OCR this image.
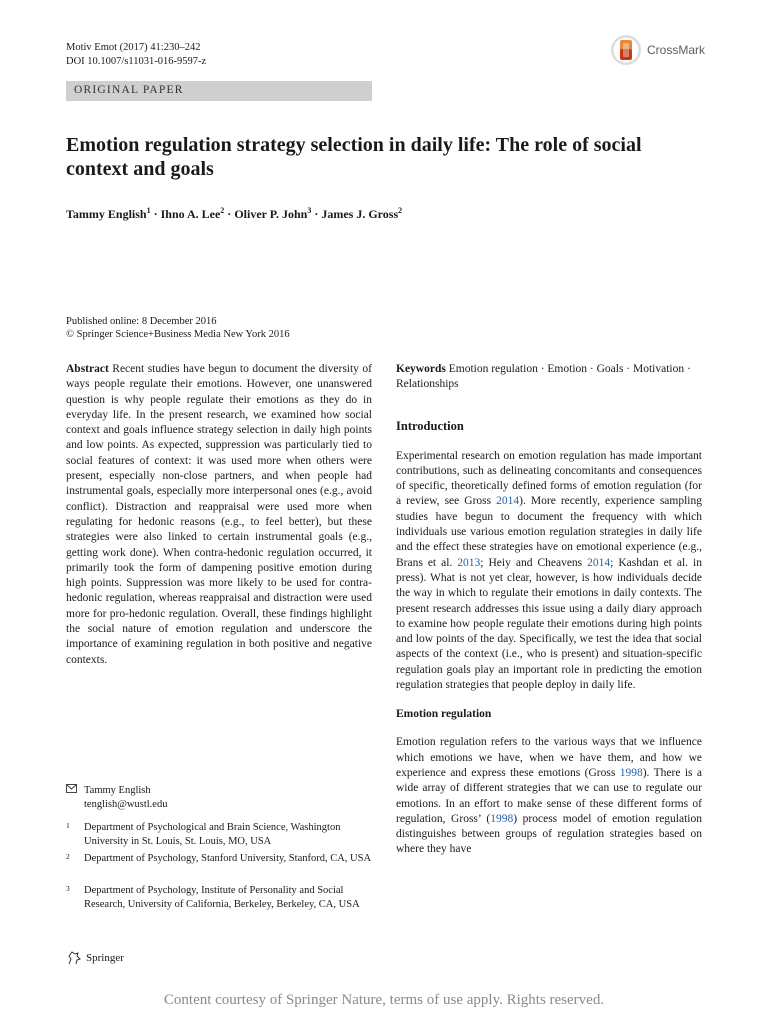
Motiv Emot (2017) 41:230–242
DOI 10.1007/s11031-016-9597-z
CrossMark
ORIGINAL PAPER
Emotion regulation strategy selection in daily life: The role of social context and goals
Tammy English$^1$ · Ihno A. Lee$^2$ · Oliver P. John$^3$ · James J. Gross$^2$
Published online: 8 December 2016
© Springer Science+Business Media New York 2016

Abstract Recent studies have begun to document the diversity of ways people regulate their emotions. However, one unanswered question is why people regulate their emotions as they do in everyday life. In the present research, we examined how social context and goals influence strategy selection in daily high points and low points. As expected, suppression was particularly tied to social features of context: it was used more when others were present, especially non-close partners, and when people had instrumental goals, especially more interpersonal ones (e.g., avoid conflict). Distraction and reappraisal were used more when regulating for hedonic reasons (e.g., to feel better), but these strategies were also linked to certain instrumental goals (e.g., getting work done). When contra-hedonic regulation occurred, it primarily took the form of dampening positive emotion during high points. Suppression was more likely to be used for contra-hedonic regulation, whereas reappraisal and distraction were used more for pro-hedonic regulation. Overall, these findings highlight the social nature of emotion regulation and underscore the importance of examining regulation in both positive and negative contexts.

Tammy English
tenglish@wustl.edu
1	Department of Psychological and Brain Science, Washington University in St. Louis, St. Louis, MO, USA
2	Department of Psychology, Stanford University, Stanford, CA, USA
3	Department of Psychology, Institute of Personality and Social Research, University of California, Berkeley, Berkeley, CA, USA

Keywords Emotion regulation · Emotion · Goals · Motivation · Relationships

Introduction

Experimental research on emotion regulation has made important contributions, such as delineating concomitants and consequences of specific, theoretically defined forms of emotion regulation (for a review, see Gross 2014). More recently, experience sampling studies have begun to document the frequency with which individuals use various emotion regulation strategies in daily life and the effect these strategies have on emotional experience (e.g., Brans et al. 2013; Heiy and Cheavens 2014; Kashdan et al. in press). What is not yet clear, however, is how individuals decide the way in which to regulate their emotions in daily contexts. The present research addresses this issue using a daily diary approach to examine how people regulate their emotions during high points and low points of the day. Specifically, we test the idea that social aspects of the context (i.e., who is present) and situation-specific regulation goals play an important role in predicting the emotion regulation strategies that people deploy in daily life.

Emotion regulation

Emotion regulation refers to the various ways that we influence which emotions we have, when we have them, and how we experience and express these emotions (Gross 1998). There is a wide array of different strategies that we can use to regulate our emotions. In an effort to make sense of these different forms of regulation, Gross’ (1998) process model of emotion regulation distinguishes between groups of regulation strategies based on where they have

Springer
Content courtesy of Springer Nature, terms of use apply. Rights reserved.
